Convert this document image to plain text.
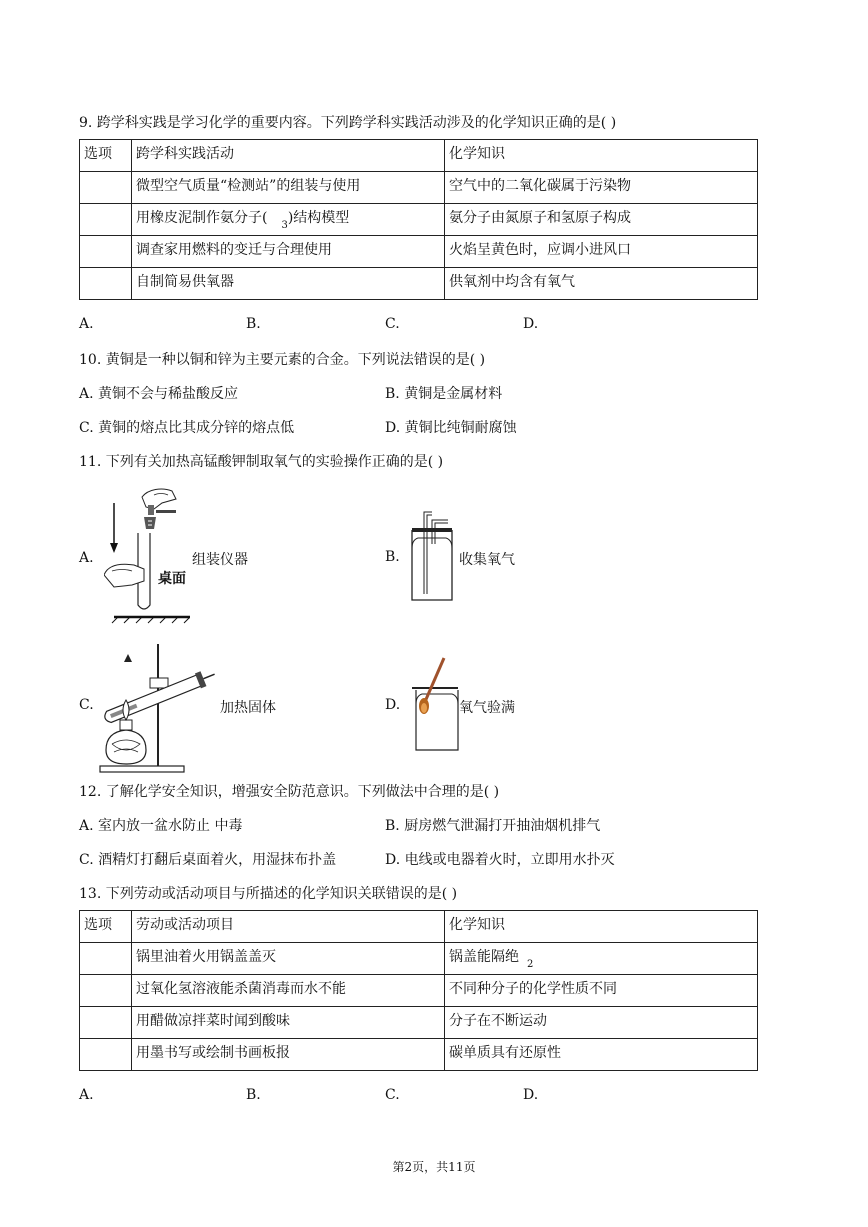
9. 跨学科实践是学习化学的重要内容。下列跨学科实践活动涉及的化学知识正确的是( )
选项	跨学科实践活动	化学知识
	微型空气质量“检测站”的组装与使用	空气中的二氧化碳属于污染物
	用橡皮泥制作氨分子( $_3$)结构模型	氨分子由氮原子和氢原子构成
	调查家用燃料的变迁与合理使用	火焰呈黄色时，应调小进风口
	自制简易供氧器	供氧剂中均含有氧气
A.	B.	C.	D.
10. 黄铜是一种以铜和锌为主要元素的合金。下列说法错误的是( )
A. 黄铜不会与稀盐酸反应	B. 黄铜是金属材料
C. 黄铜的熔点比其成分锌的熔点低	D. 黄铜比纯铜耐腐蚀
11. 下列有关加热高锰酸钾制取氧气的实验操作正确的是( )
A.
桌面
组装仪器	B.	收集氧气
C.	加热固体	D.	氧气验满
12. 了解化学安全知识，增强安全防范意识。下列做法中合理的是( )
A. 室内放一盆水防止 中毒	B. 厨房燃气泄漏打开抽油烟机排气
C. 酒精灯打翻后桌面着火，用湿抹布扑盖	D. 电线或电器着火时，立即用水扑灭
13. 下列劳动或活动项目与所描述的化学知识关联错误的是( )
选项	劳动或活动项目	化学知识
	锅里油着火用锅盖盖灭	锅盖能隔绝 $_2$
	过氧化氢溶液能杀菌消毒而水不能	不同种分子的化学性质不同
	用醋做凉拌菜时闻到酸味	分子在不断运动
	用墨书写或绘制书画板报	碳单质具有还原性
A.	B.	C.	D.
第2页，共11页
